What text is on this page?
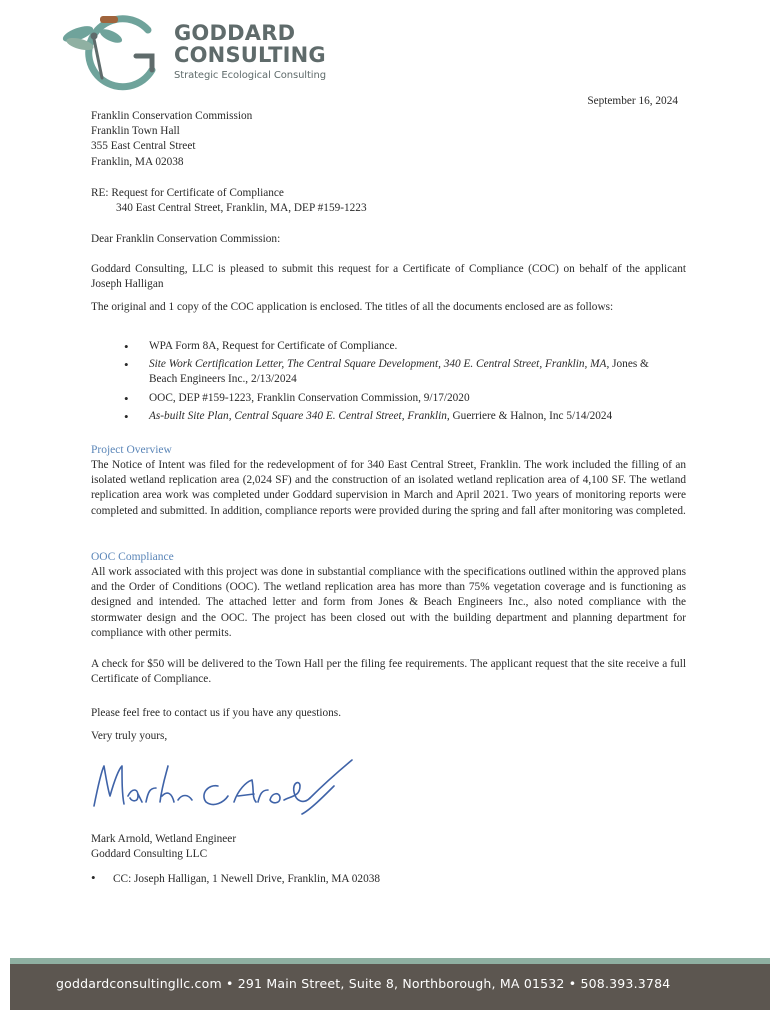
GODDARD
CONSULTING
Strategic Ecological Consulting
September 16, 2024
Franklin Conservation Commission
Franklin Town Hall
355 East Central Street
Franklin, MA 02038
RE: Request for Certificate of Compliance
340 East Central Street, Franklin, MA, DEP #159-1223
Dear Franklin Conservation Commission:
Goddard Consulting, LLC is pleased to submit this request for a Certificate of Compliance (COC) on behalf of the applicant Joseph Halligan
The original and 1 copy of the COC application is enclosed. The titles of all the documents enclosed are as follows:
• WPA Form 8A, Request for Certificate of Compliance.
• Site Work Certification Letter, The Central Square Development, 340 E. Central Street, Franklin, MA, Jones & Beach Engineers Inc., 2/13/2024
• OOC, DEP #159-1223, Franklin Conservation Commission, 9/17/2020
• As-built Site Plan, Central Square 340 E. Central Street, Franklin, Guerriere & Halnon, Inc 5/14/2024
Project Overview
The Notice of Intent was filed for the redevelopment of for 340 East Central Street, Franklin. The work included the filling of an isolated wetland replication area (2,024 SF) and the construction of an isolated wetland replication area of 4,100 SF. The wetland replication area work was completed under Goddard supervision in March and April 2021. Two years of monitoring reports were completed and submitted. In addition, compliance reports were provided during the spring and fall after monitoring was completed.
OOC Compliance
All work associated with this project was done in substantial compliance with the specifications outlined within the approved plans and the Order of Conditions (OOC). The wetland replication area has more than 75% vegetation coverage and is functioning as designed and intended. The attached letter and form from Jones & Beach Engineers Inc., also noted compliance with the stormwater design and the OOC. The project has been closed out with the building department and planning department for compliance with other permits.
A check for $50 will be delivered to the Town Hall per the filing fee requirements. The applicant request that the site receive a full Certificate of Compliance.
Please feel free to contact us if you have any questions.
Very truly yours,
Mark Arnold, Wetland Engineer
Goddard Consulting LLC
• CC: Joseph Halligan, 1 Newell Drive, Franklin, MA 02038
goddardconsultingllc.com • 291 Main Street, Suite 8, Northborough, MA 01532 • 508.393.3784
